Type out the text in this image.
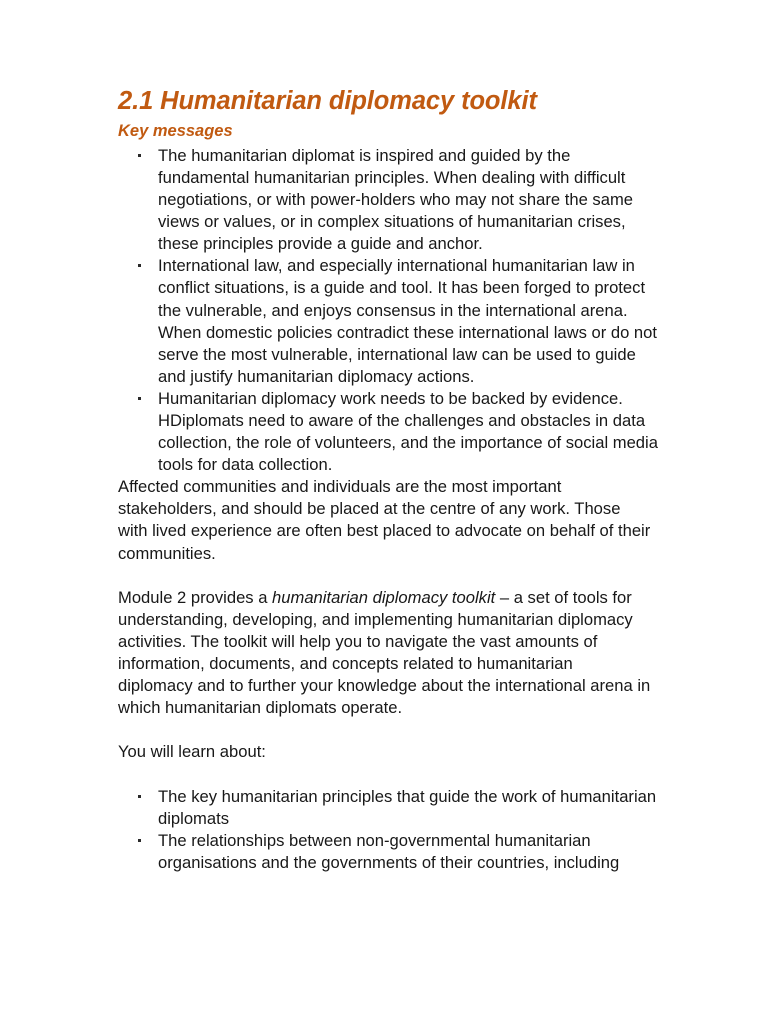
2.1 Humanitarian diplomacy toolkit
Key messages
The humanitarian diplomat is inspired and guided by the fundamental humanitarian principles. When dealing with difficult negotiations, or with power-holders who may not share the same views or values, or in complex situations of humanitarian crises, these principles provide a guide and anchor.
International law, and especially international humanitarian law in conflict situations, is a guide and tool. It has been forged to protect the vulnerable, and enjoys consensus in the international arena. When domestic policies contradict these international laws or do not serve the most vulnerable, international law can be used to guide and justify humanitarian diplomacy actions.
Humanitarian diplomacy work needs to be backed by evidence. HDiplomats need to aware of the challenges and obstacles in data collection, the role of volunteers, and the importance of social media tools for data collection.

Affected communities and individuals are the most important stakeholders, and should be placed at the centre of any work. Those with lived experience are often best placed to advocate on behalf of their communities.

Module 2 provides a humanitarian diplomacy toolkit – a set of tools for understanding, developing, and implementing humanitarian diplomacy activities. The toolkit will help you to navigate the vast amounts of information, documents, and concepts related to humanitarian diplomacy and to further your knowledge about the international arena in which humanitarian diplomats operate.

You will learn about:

The key humanitarian principles that guide the work of humanitarian diplomats
The relationships between non-governmental humanitarian organisations and the governments of their countries, including
